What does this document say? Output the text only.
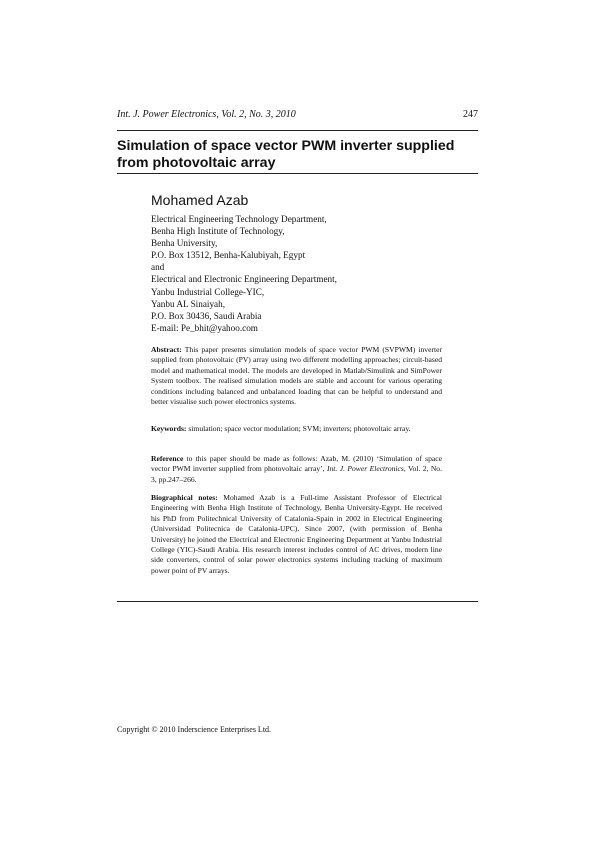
Int. J. Power Electronics, Vol. 2, No. 3, 2010	247
Simulation of space vector PWM inverter supplied from photovoltaic array
Mohamed Azab
Electrical Engineering Technology Department,
Benha High Institute of Technology,
Benha University,
P.O. Box 13512, Benha-Kalubiyah, Egypt
and
Electrical and Electronic Engineering Department,
Yanbu Industrial College-YIC,
Yanbu AL Sinaiyah,
P.O. Box 30436, Saudi Arabia
E-mail: Pe_bhit@yahoo.com
Abstract: This paper presents simulation models of space vector PWM (SVPWM) inverter supplied from photovoltaic (PV) array using two different modelling approaches; circuit-based model and mathematical model. The models are developed in Matlab/Simulink and SimPower System toolbox. The realised simulation models are stable and account for various operating conditions including balanced and unbalanced loading that can be helpful to understand and better visualise such power electronics systems.
Keywords: simulation; space vector modulation; SVM; inverters; photovoltaic array.
Reference to this paper should be made as follows: Azab, M. (2010) ‘Simulation of space vector PWM inverter supplied from photovoltaic array’, Int. J. Power Electronics, Vol. 2, No. 3, pp.247–266.
Biographical notes: Mohamed Azab is a Full-time Assistant Professor of Electrical Engineering with Benha High Institute of Technology, Benha University-Egypt. He received his PhD from Politechnical University of Catalonia-Spain in 2002 in Electrical Engineering (Universidad Politecnica de Catalonia-UPC). Since 2007, (with permission of Benha University) he joined the Electrical and Electronic Engineering Department at Yanbu Industrial College (YIC)-Saudi Arabia. His research interest includes control of AC drives, modern line side converters, control of solar power electronics systems including tracking of maximum power point of PV arrays.
Copyright © 2010 Inderscience Enterprises Ltd.
